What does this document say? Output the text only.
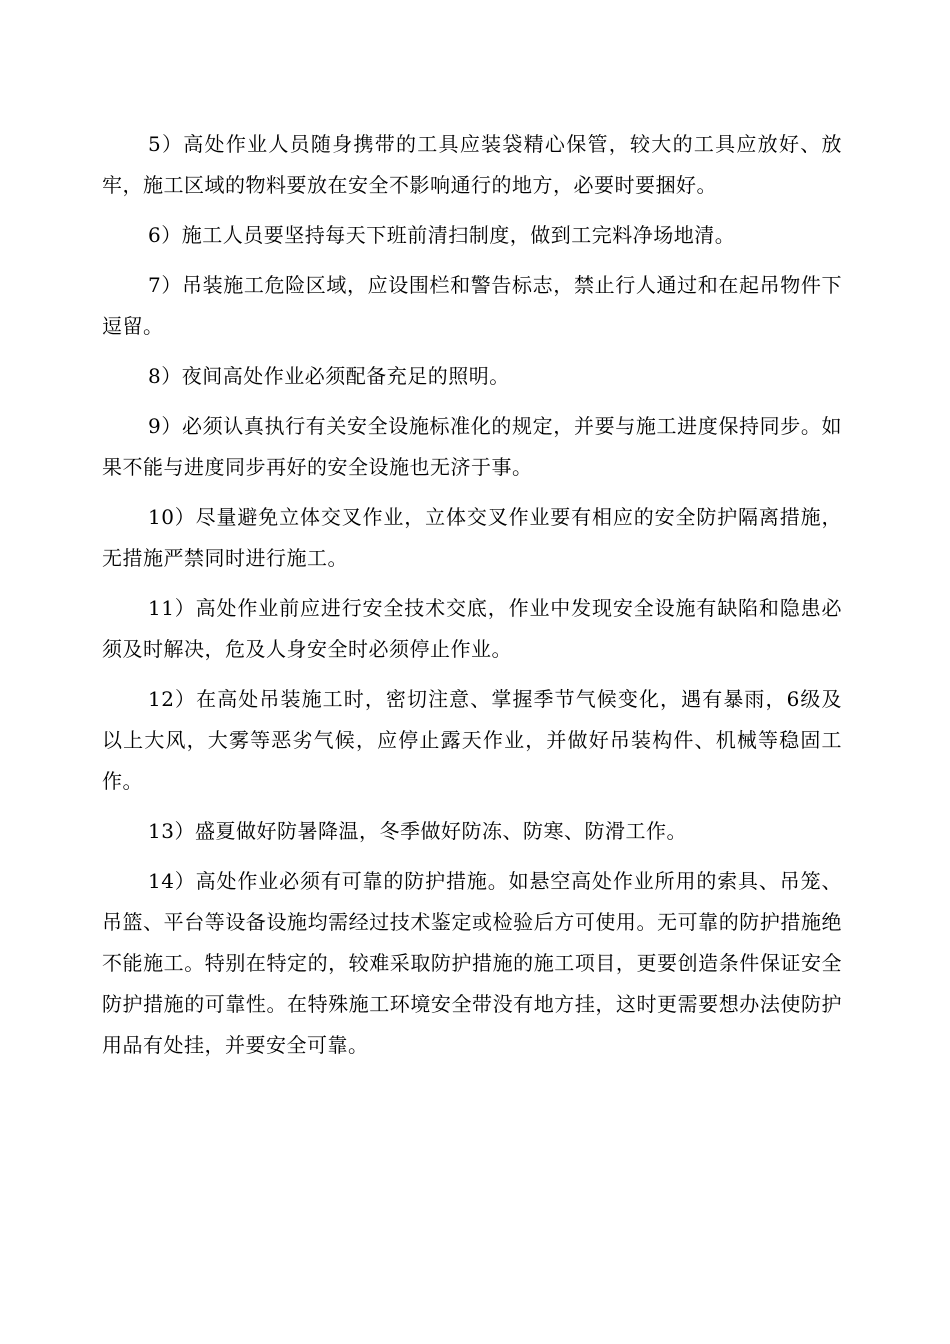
5）高处作业人员随身携带的工具应装袋精心保管，较大的工具应放好、放牢，施工区域的物料要放在安全不影响通行的地方，必要时要捆好。

6）施工人员要坚持每天下班前清扫制度，做到工完料净场地清。

7）吊装施工危险区域，应设围栏和警告标志，禁止行人通过和在起吊物件下逗留。

8）夜间高处作业必须配备充足的照明。

9）必须认真执行有关安全设施标准化的规定，并要与施工进度保持同步。如果不能与进度同步再好的安全设施也无济于事。

10）尽量避免立体交叉作业，立体交叉作业要有相应的安全防护隔离措施，无措施严禁同时进行施工。

11）高处作业前应进行安全技术交底，作业中发现安全设施有缺陷和隐患必须及时解决，危及人身安全时必须停止作业。

12）在高处吊装施工时，密切注意、掌握季节气候变化，遇有暴雨，6级及以上大风，大雾等恶劣气候，应停止露天作业，并做好吊装构件、机械等稳固工作。

13）盛夏做好防暑降温，冬季做好防冻、防寒、防滑工作。

14）高处作业必须有可靠的防护措施。如悬空高处作业所用的索具、吊笼、吊篮、平台等设备设施均需经过技术鉴定或检验后方可使用。无可靠的防护措施绝不能施工。特别在特定的，较难采取防护措施的施工项目，更要创造条件保证安全防护措施的可靠性。在特殊施工环境安全带没有地方挂，这时更需要想办法使防护用品有处挂，并要安全可靠。
